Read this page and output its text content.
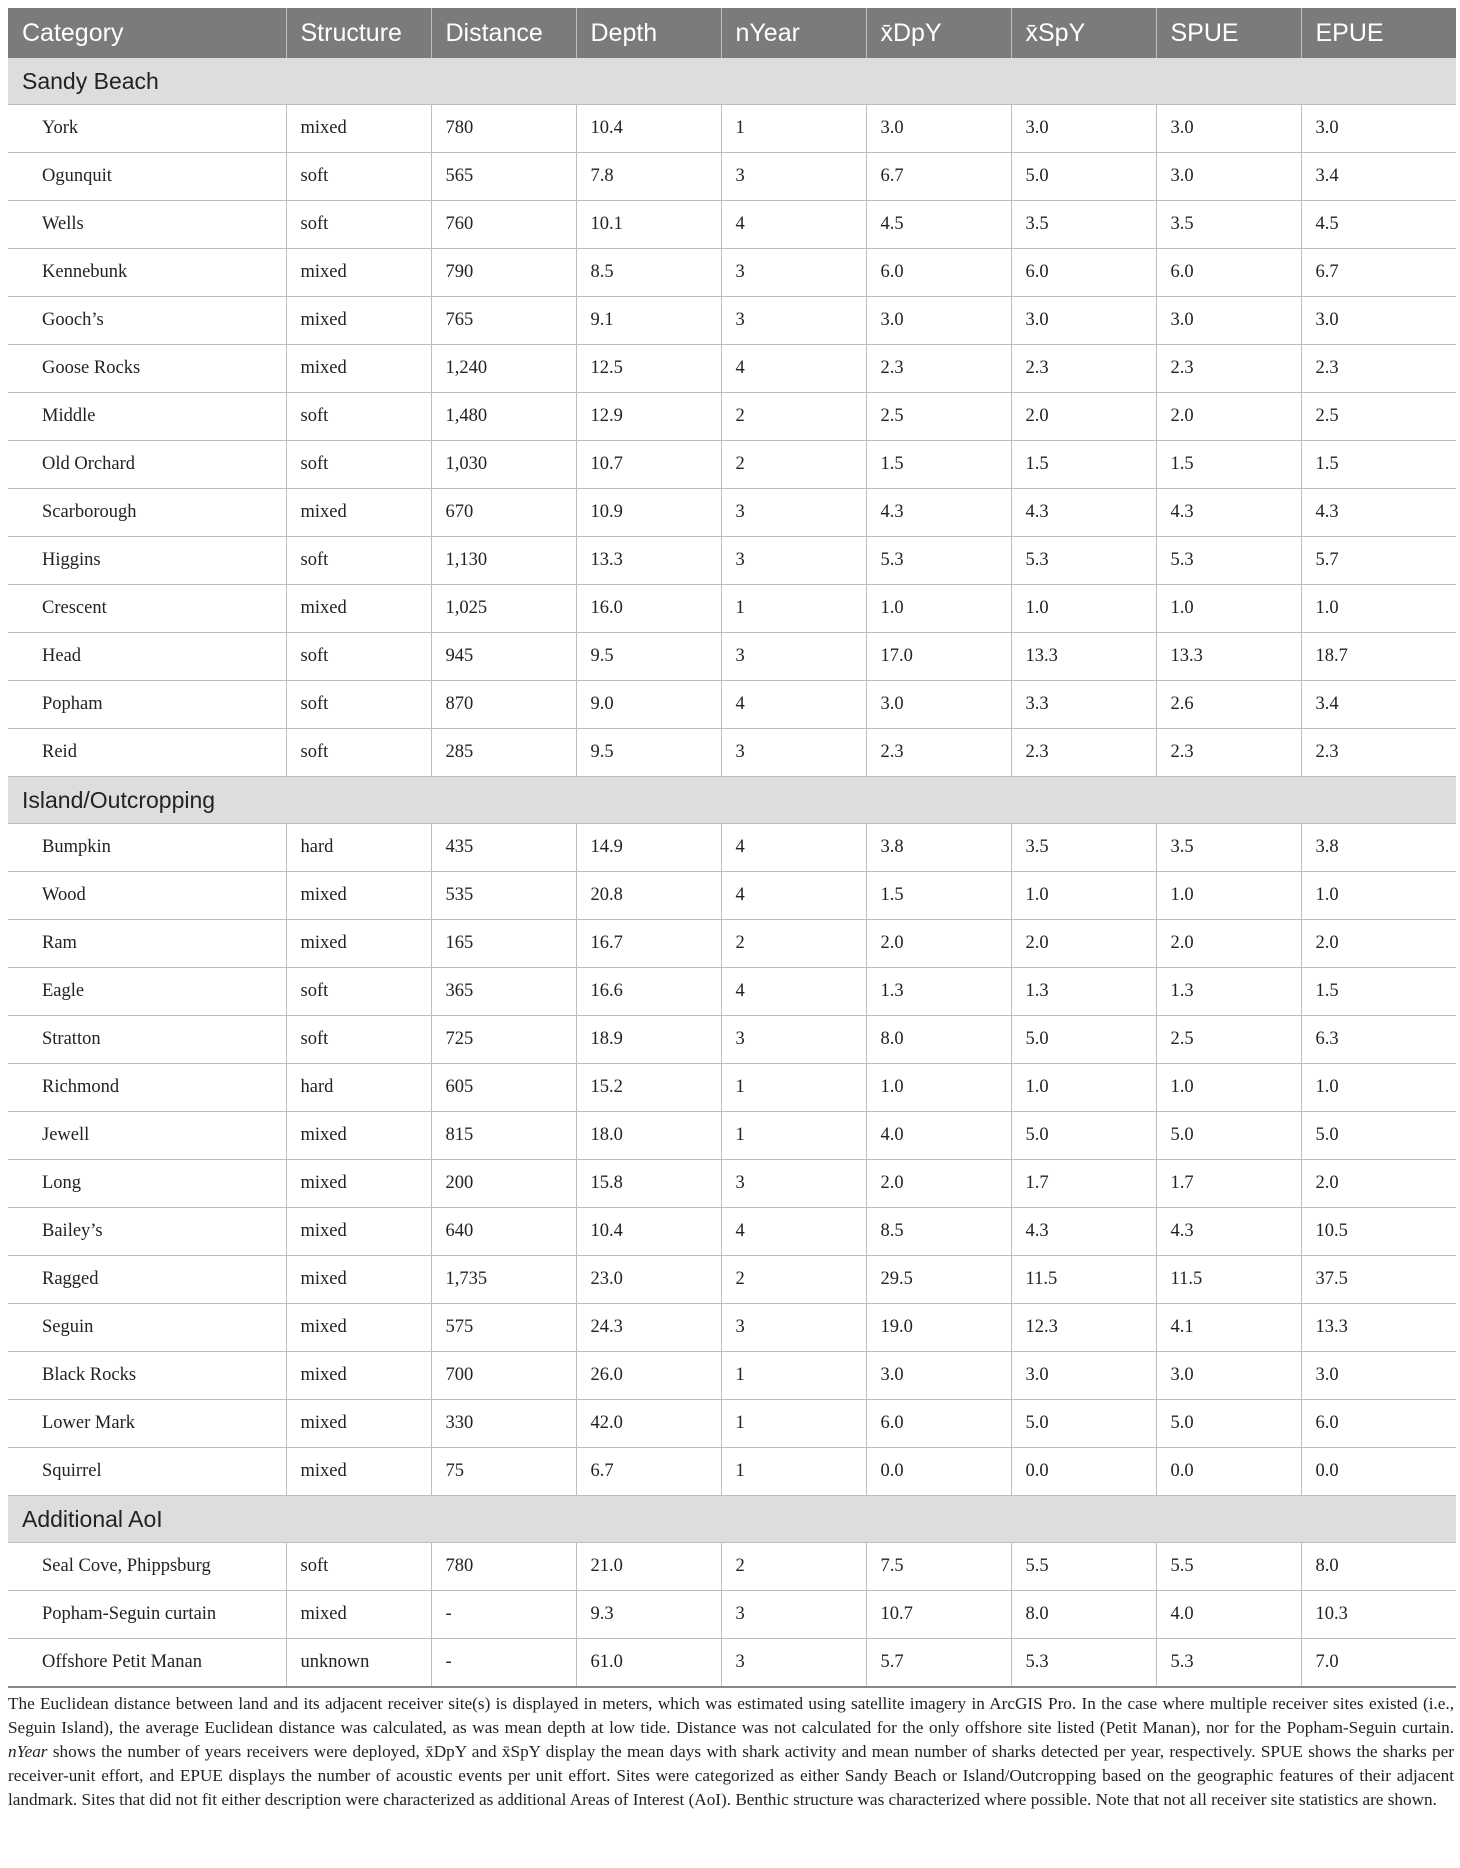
Category	Structure	Distance	Depth	nYear	x̄DpY	x̄SpY	SPUE	EPUE
Sandy Beach								
York	mixed	780	10.4	1	3.0	3.0	3.0	3.0
Ogunquit	soft	565	7.8	3	6.7	5.0	3.0	3.4
Wells	soft	760	10.1	4	4.5	3.5	3.5	4.5
Kennebunk	mixed	790	8.5	3	6.0	6.0	6.0	6.7
Gooch’s	mixed	765	9.1	3	3.0	3.0	3.0	3.0
Goose Rocks	mixed	1,240	12.5	4	2.3	2.3	2.3	2.3
Middle	soft	1,480	12.9	2	2.5	2.0	2.0	2.5
Old Orchard	soft	1,030	10.7	2	1.5	1.5	1.5	1.5
Scarborough	mixed	670	10.9	3	4.3	4.3	4.3	4.3
Higgins	soft	1,130	13.3	3	5.3	5.3	5.3	5.7
Crescent	mixed	1,025	16.0	1	1.0	1.0	1.0	1.0
Head	soft	945	9.5	3	17.0	13.3	13.3	18.7
Popham	soft	870	9.0	4	3.0	3.3	2.6	3.4
Reid	soft	285	9.5	3	2.3	2.3	2.3	2.3
Island/Outcropping								
Bumpkin	hard	435	14.9	4	3.8	3.5	3.5	3.8
Wood	mixed	535	20.8	4	1.5	1.0	1.0	1.0
Ram	mixed	165	16.7	2	2.0	2.0	2.0	2.0
Eagle	soft	365	16.6	4	1.3	1.3	1.3	1.5
Stratton	soft	725	18.9	3	8.0	5.0	2.5	6.3
Richmond	hard	605	15.2	1	1.0	1.0	1.0	1.0
Jewell	mixed	815	18.0	1	4.0	5.0	5.0	5.0
Long	mixed	200	15.8	3	2.0	1.7	1.7	2.0
Bailey’s	mixed	640	10.4	4	8.5	4.3	4.3	10.5
Ragged	mixed	1,735	23.0	2	29.5	11.5	11.5	37.5
Seguin	mixed	575	24.3	3	19.0	12.3	4.1	13.3
Black Rocks	mixed	700	26.0	1	3.0	3.0	3.0	3.0
Lower Mark	mixed	330	42.0	1	6.0	5.0	5.0	6.0
Squirrel	mixed	75	6.7	1	0.0	0.0	0.0	0.0
Additional AoI								
Seal Cove, Phippsburg	soft	780	21.0	2	7.5	5.5	5.5	8.0
Popham-Seguin curtain	mixed	-	9.3	3	10.7	8.0	4.0	10.3
Offshore Petit Manan	unknown	-	61.0	3	5.7	5.3	5.3	7.0

The Euclidean distance between land and its adjacent receiver site(s) is displayed in meters, which was estimated using satellite imagery in ArcGIS Pro. In the case where multiple receiver sites existed (i.e., Seguin Island), the average Euclidean distance was calculated, as was mean depth at low tide. Distance was not calculated for the only offshore site listed (Petit Manan), nor for the Popham-Seguin curtain. nYear shows the number of years receivers were deployed, x̄DpY and x̄SpY display the mean days with shark activity and mean number of sharks detected per year, respectively. SPUE shows the sharks per receiver-unit effort, and EPUE displays the number of acoustic events per unit effort. Sites were categorized as either Sandy Beach or Island/Outcropping based on the geographic features of their adjacent landmark. Sites that did not fit either description were characterized as additional Areas of Interest (AoI). Benthic structure was characterized where possible. Note that not all receiver site statistics are shown.
